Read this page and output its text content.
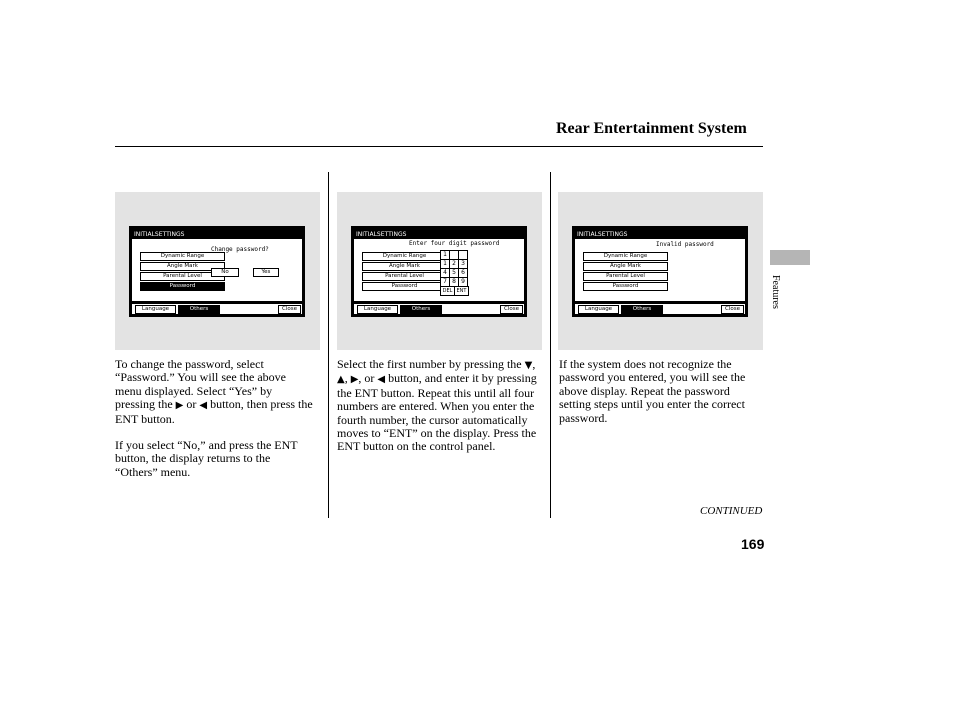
Rear Entertainment System
Features
INITIALSETTINGS
Dynamic Range
Angle Mark
Parental Level
Password
Change password?
No	Yes
Language	Others	Close
INITIALSETTINGS
Dynamic Range
Angle Mark
Parental Level
Password
Enter four digit password
1
1 2 3
4 5 6
7 8 9
DEL ENT
Language	Others	Close
INITIALSETTINGS
Dynamic Range
Angle Mark
Parental Level
Password
Invalid password
Language	Others	Close

To change the password, select “Password.” You will see the above menu displayed. Select “Yes” by pressing the ▶ or ◀ button, then press the ENT button.

If you select “No,” and press the ENT button, the display returns to the “Others” menu.

Select the first number by pressing the ▼, ▲, ▶, or ◀ button, and enter it by pressing the ENT button. Repeat this until all four numbers are entered. When you enter the fourth number, the cursor automatically moves to “ENT” on the display. Press the ENT button on the control panel.

If the system does not recognize the password you entered, you will see the above display. Repeat the password setting steps until you enter the correct password.

CONTINUED
169
